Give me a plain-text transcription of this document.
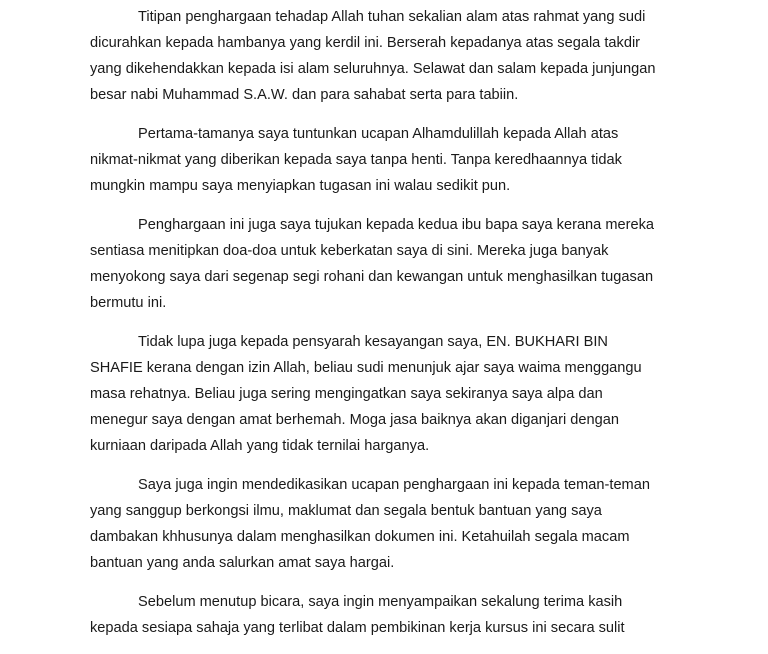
Titipan penghargaan tehadap Allah tuhan sekalian alam atas rahmat yang sudi
dicurahkan kepada hambanya yang kerdil ini. Berserah kepadanya atas segala takdir
yang dikehendakkan kepada isi alam seluruhnya. Selawat dan salam kepada junjungan
besar nabi Muhammad S.A.W. dan para sahabat serta para tabiin.

Pertama-tamanya saya tuntunkan ucapan Alhamdulillah kepada Allah atas
nikmat-nikmat yang diberikan kepada saya tanpa henti. Tanpa keredhaannya tidak
mungkin mampu saya menyiapkan tugasan ini walau sedikit pun.

Penghargaan ini juga saya tujukan kepada kedua ibu bapa saya kerana mereka
sentiasa menitipkan doa-doa untuk keberkatan saya di sini. Mereka juga banyak
menyokong saya dari segenap segi rohani dan kewangan untuk menghasilkan tugasan
bermutu ini.

Tidak lupa juga kepada pensyarah kesayangan saya, EN. BUKHARI BIN
SHAFIE kerana dengan izin Allah, beliau sudi menunjuk ajar saya waima menggangu
masa rehatnya. Beliau juga sering mengingatkan saya sekiranya saya alpa dan
menegur saya dengan amat berhemah. Moga jasa baiknya akan diganjari dengan
kurniaan daripada Allah yang tidak ternilai harganya.

Saya juga ingin mendedikasikan ucapan penghargaan ini kepada teman-teman
yang sanggup berkongsi ilmu, maklumat dan segala bentuk bantuan yang saya
dambakan khhusunya dalam menghasilkan dokumen ini. Ketahuilah segala macam
bantuan yang anda salurkan amat saya hargai.

Sebelum menutup bicara, saya ingin menyampaikan sekalung terima kasih
kepada sesiapa sahaja yang terlibat dalam pembikinan kerja kursus ini secara sulit
